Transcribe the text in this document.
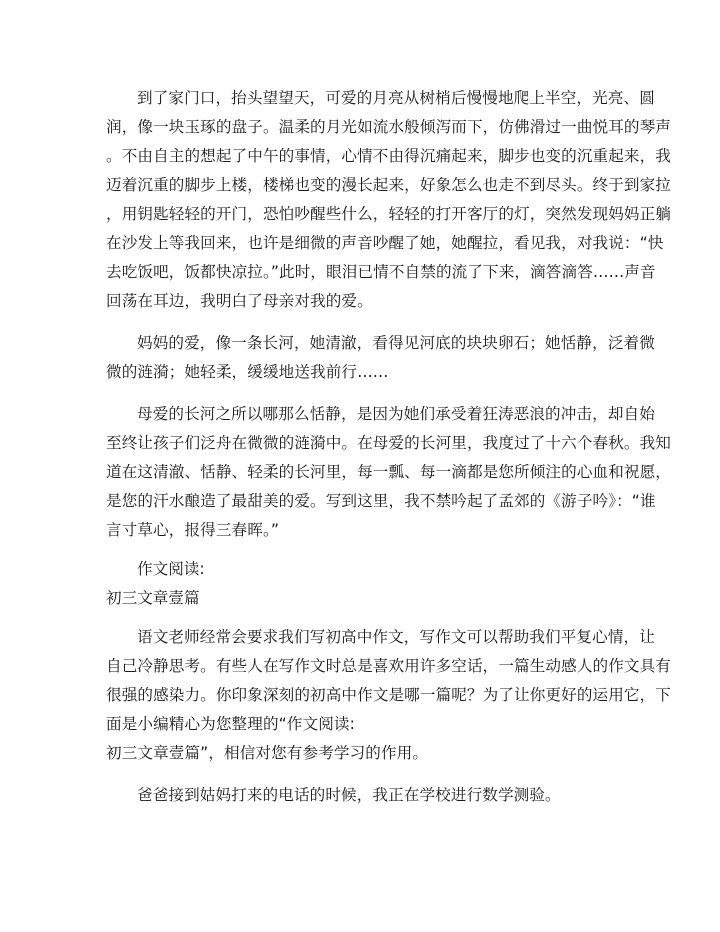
到了家门口，抬头望望天，可爱的月亮从树梢后慢慢地爬上半空，光亮、圆
润，像一块玉琢的盘子。温柔的月光如流水般倾泻而下，仿佛滑过一曲悦耳的琴声
。不由自主的想起了中午的事情，心情不由得沉痛起来，脚步也变的沉重起来，我
迈着沉重的脚步上楼，楼梯也变的漫长起来，好象怎么也走不到尽头。终于到家拉
，用钥匙轻轻的开门，恐怕吵醒些什么，轻轻的打开客厅的灯，突然发现妈妈正躺
在沙发上等我回来，也许是细微的声音吵醒了她，她醒拉，看见我，对我说：“快
去吃饭吧，饭都快凉拉。”此时，眼泪已情不自禁的流了下来，滴答滴答……声音
回荡在耳边，我明白了母亲对我的爱。
妈妈的爱，像一条长河，她清澈，看得见河底的块块卵石；她恬静，泛着微
微的涟漪；她轻柔，缓缓地送我前行……
母爱的长河之所以哪那么恬静，是因为她们承受着狂涛恶浪的冲击，却自始
至终让孩子们泛舟在微微的涟漪中。在母爱的长河里，我度过了十六个春秋。我知
道在这清澈、恬静、轻柔的长河里，每一瓢、每一滴都是您所倾注的心血和祝愿，
是您的汗水酿造了最甜美的爱。写到这里，我不禁吟起了孟郊的《游子吟》：“谁
言寸草心，报得三春晖。”
作文阅读:
初三文章壹篇
语文老师经常会要求我们写初高中作文，写作文可以帮助我们平复心情，让
自己冷静思考。有些人在写作文时总是喜欢用许多空话，一篇生动感人的作文具有
很强的感染力。你印象深刻的初高中作文是哪一篇呢？为了让你更好的运用它，下
面是小编精心为您整理的“作文阅读:
初三文章壹篇”，相信对您有参考学习的作用。
爸爸接到姑妈打来的电话的时候，我正在学校进行数学测验。
